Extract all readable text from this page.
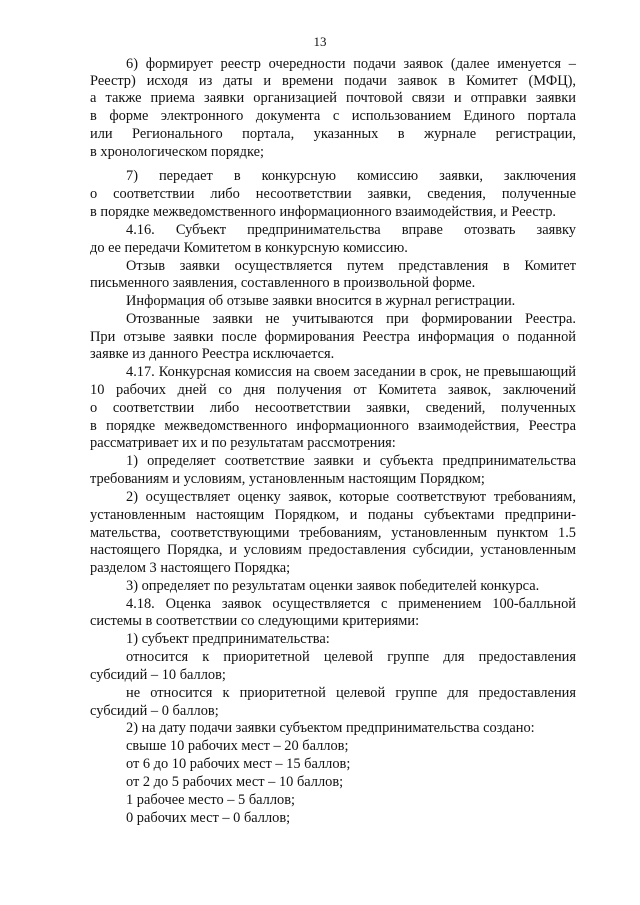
13
6) формирует реестр очередности подачи заявок (далее именуется –
Реестр) исходя из даты и времени подачи заявок в Комитет (МФЦ),
а также приема заявки организацией почтовой связи и отправки заявки
в форме электронного документа с использованием Единого портала
или Регионального портала, указанных в журнале регистрации,
в хронологическом порядке;
7) передает в конкурсную комиссию заявки, заключения
о соответствии либо несоответствии заявки, сведения, полученные
в порядке межведомственного информационного взаимодействия, и Реестр.
4.16. Субъект предпринимательства вправе отозвать заявку
до ее передачи Комитетом в конкурсную комиссию.
Отзыв заявки осуществляется путем представления в Комитет
письменного заявления, составленного в произвольной форме.
Информация об отзыве заявки вносится в журнал регистрации.
Отозванные заявки не учитываются при формировании Реестра.
При отзыве заявки после формирования Реестра информация о поданной
заявке из данного Реестра исключается.
4.17. Конкурсная комиссия на своем заседании в срок, не превышающий
10 рабочих дней со дня получения от Комитета заявок, заключений
о соответствии либо несоответствии заявки, сведений, полученных
в порядке межведомственного информационного взаимодействия, Реестра
рассматривает их и по результатам рассмотрения:
1) определяет соответствие заявки и субъекта предпринимательства
требованиям и условиям, установленным настоящим Порядком;
2) осуществляет оценку заявок, которые соответствуют требованиям,
установленным настоящим Порядком, и поданы субъектами предприни-
мательства, соответствующими требованиям, установленным пунктом 1.5
настоящего Порядка, и условиям предоставления субсидии, установленным
разделом 3 настоящего Порядка;
3) определяет по результатам оценки заявок победителей конкурса.
4.18. Оценка заявок осуществляется с применением 100-балльной
системы в соответствии со следующими критериями:
1) субъект предпринимательства:
относится к приоритетной целевой группе для предоставления
субсидий – 10 баллов;
не относится к приоритетной целевой группе для предоставления
субсидий – 0 баллов;
2) на дату подачи заявки субъектом предпринимательства создано:
свыше 10 рабочих мест – 20 баллов;
от 6 до 10 рабочих мест – 15 баллов;
от 2 до 5 рабочих мест – 10 баллов;
1 рабочее место – 5 баллов;
0 рабочих мест – 0 баллов;
